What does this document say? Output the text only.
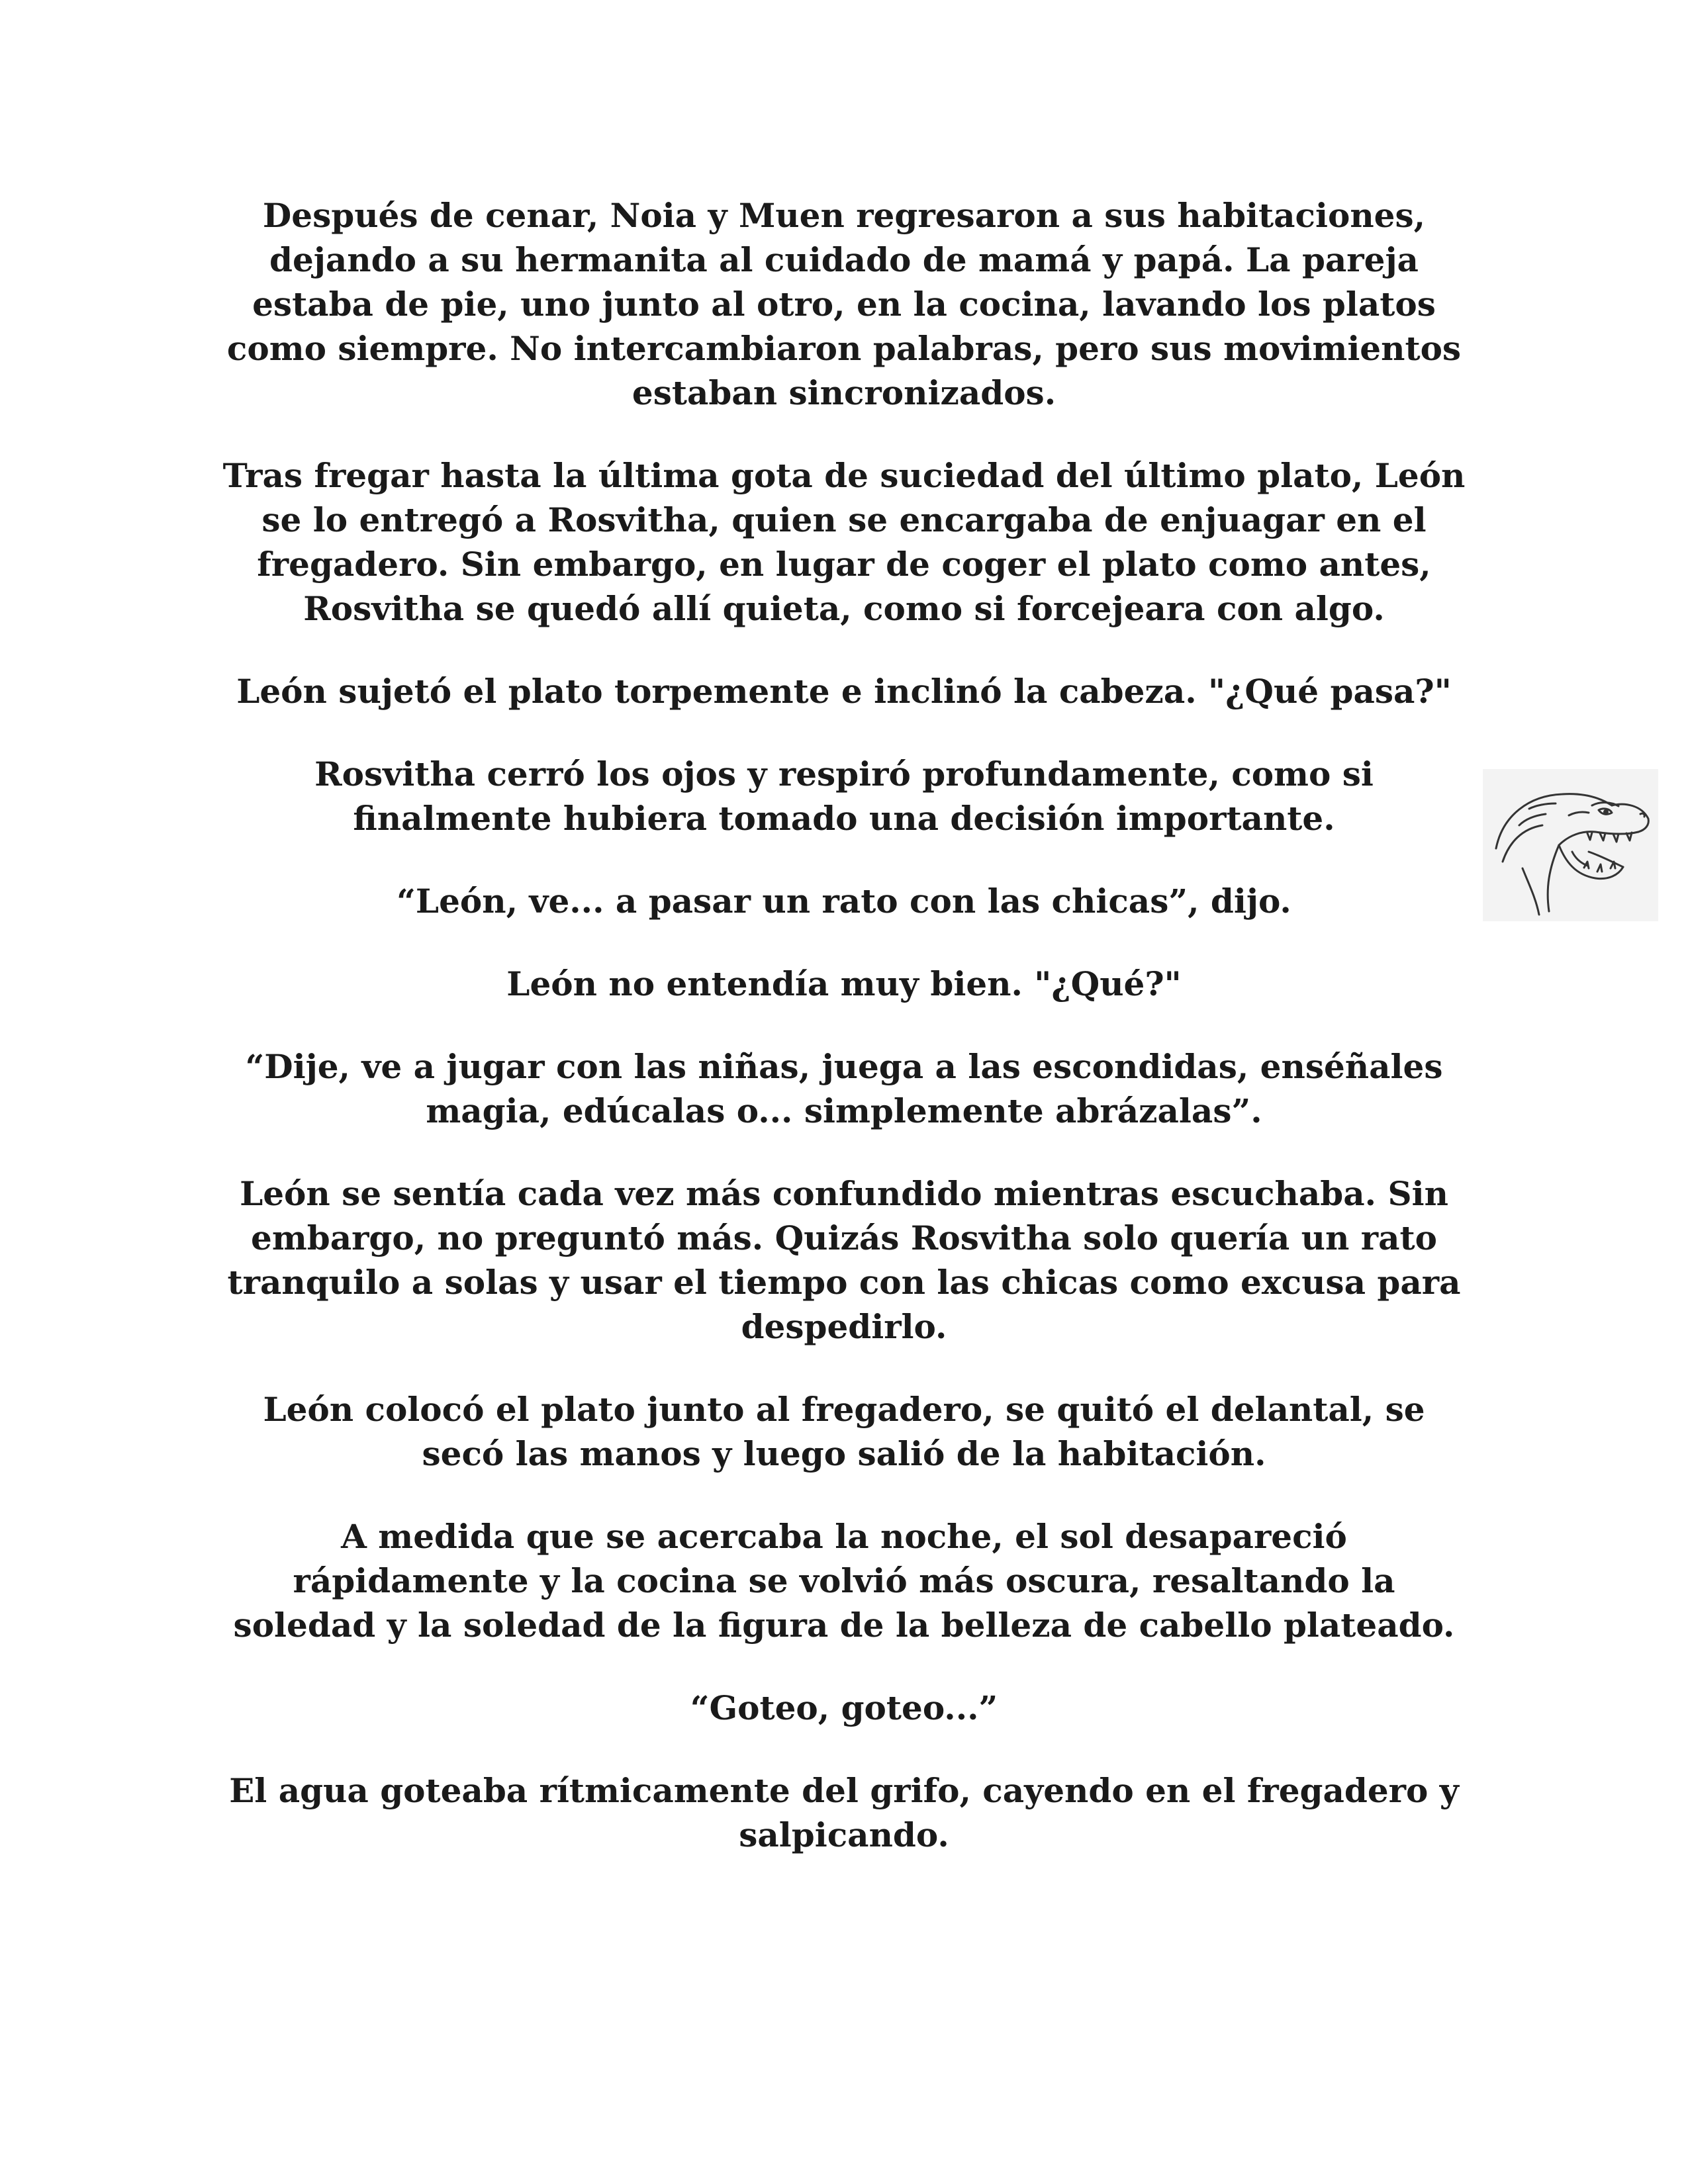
Después de cenar, Noia y Muen regresaron a sus habitaciones, dejando a su hermanita al cuidado de mamá y papá. La pareja estaba de pie, uno junto al otro, en la cocina, lavando los platos como siempre. No intercambiaron palabras, pero sus movimientos estaban sincronizados.

Tras fregar hasta la última gota de suciedad del último plato, León se lo entregó a Rosvitha, quien se encargaba de enjuagar en el fregadero. Sin embargo, en lugar de coger el plato como antes, Rosvitha se quedó allí quieta, como si forcejeara con algo.

León sujetó el plato torpemente e inclinó la cabeza. "¿Qué pasa?"

Rosvitha cerró los ojos y respiró profundamente, como si finalmente hubiera tomado una decisión importante.

“León, ve... a pasar un rato con las chicas”, dijo.

León no entendía muy bien. "¿Qué?"

“Dije, ve a jugar con las niñas, juega a las escondidas, enséñales magia, edúcalas o... simplemente abrázalas”.

León se sentía cada vez más confundido mientras escuchaba. Sin embargo, no preguntó más. Quizás Rosvitha solo quería un rato tranquilo a solas y usar el tiempo con las chicas como excusa para despedirlo.

León colocó el plato junto al fregadero, se quitó el delantal, se secó las manos y luego salió de la habitación.

A medida que se acercaba la noche, el sol desapareció rápidamente y la cocina se volvió más oscura, resaltando la soledad y la soledad de la figura de la belleza de cabello plateado.

“Goteo, goteo...”

El agua goteaba rítmicamente del grifo, cayendo en el fregadero y salpicando.
